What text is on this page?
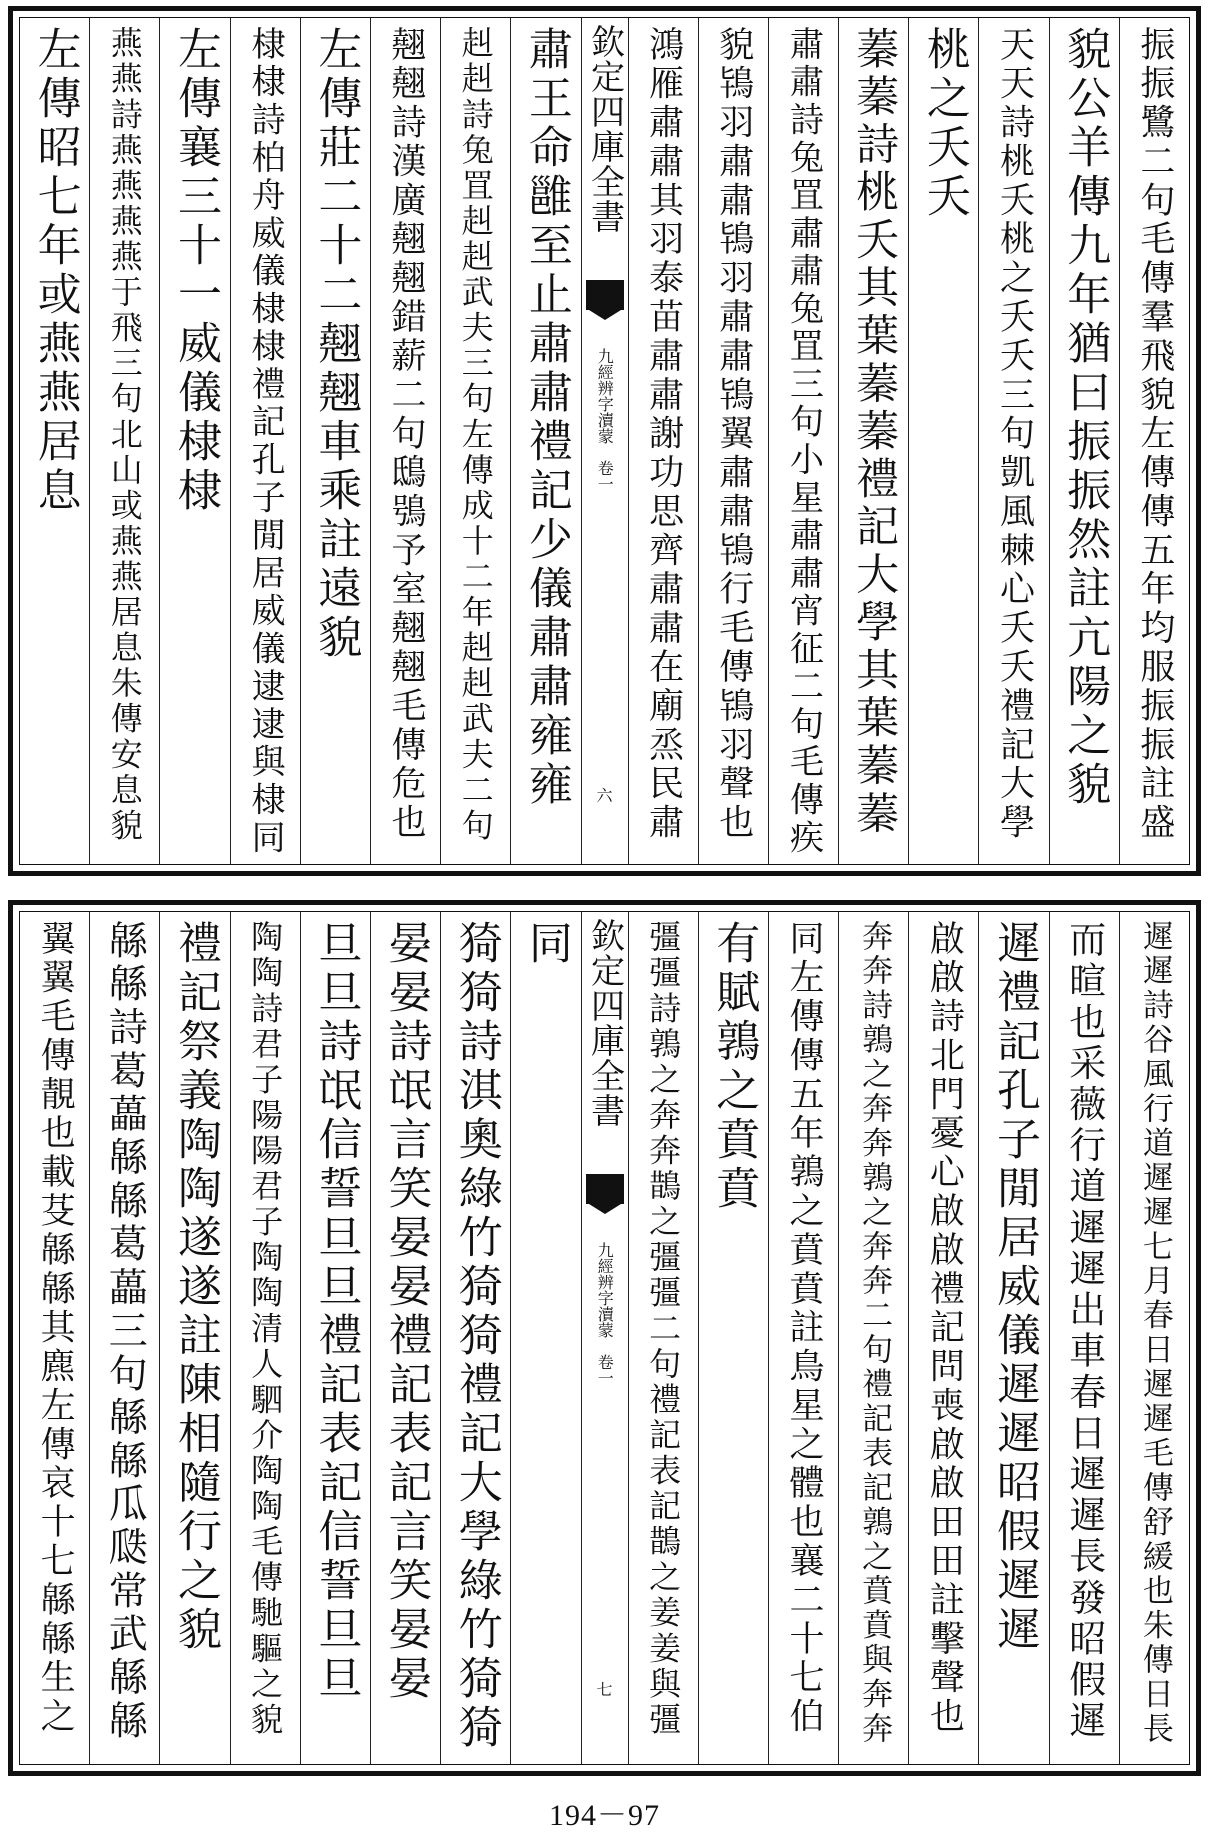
振振鷺二句毛傳羣飛貌左傳傳五年均服振振註盛
貌公羊傳九年猶曰振振然註亢陽之貌
天天詩桃夭桃之夭夭三句凱風棘心夭夭禮記大學
桃之夭夭
蓁蓁詩桃夭其葉蓁蓁禮記大學其葉蓁蓁
肅肅詩兔罝肅肅兔罝三句小星肅肅宵征二句毛傳疾
貌鴇羽肅肅鴇羽肅肅鴇翼肅肅鴇行毛傳鴇羽聲也
鴻雁肅肅其羽泰苗肅肅謝功思齊肅肅在廟烝民肅
欽定四庫全書
九經辨字瀆蒙　卷一
六
肅王命雝至止肅肅禮記少儀肅肅雍雍
赳赳詩兔罝赳赳武夫三句左傳成十二年赳赳武夫二句
翹翹詩漢廣翹翹錯薪二句鴟鴞予室翹翹毛傳危也
左傳莊二十二翹翹車乘註遠貌
棣棣詩柏舟威儀棣棣禮記孔子閒居威儀逮逮與棣同
左傳襄三十一威儀棣棣
燕燕詩燕燕燕燕于飛三句北山或燕燕居息朱傳安息貌
左傳昭七年或燕燕居息
遲遲詩谷風行道遲遲七月春日遲遲毛傳舒緩也朱傳日長
而暄也采薇行道遲遲出車春日遲遲長發昭假遲
遲禮記孔子閒居威儀遲遲昭假遲遲
啟啟詩北門憂心啟啟禮記問喪啟啟田田註擊聲也
奔奔詩鶉之奔奔鶉之奔奔二句禮記表記鶉之賁賁與奔奔
同左傳傳五年鶉之賁賁註鳥星之體也襄二十七伯
有賦鶉之賁賁
彊彊詩鶉之奔奔鵲之彊彊二句禮記表記鵲之姜姜與彊
欽定四庫全書
九經辨字瀆蒙　卷一
七
同
猗猗詩淇奧綠竹猗猗禮記大學綠竹猗猗
晏晏詩氓言笑晏晏禮記表記言笑晏晏
旦旦詩氓信誓旦旦禮記表記信誓旦旦
陶陶詩君子陽陽君子陶陶清人駟介陶陶毛傳馳驅之貌
禮記祭義陶陶遂遂註陳相隨行之貌
緜緜詩葛藟緜緜葛藟三句緜緜瓜瓞常武緜緜
翼翼毛傳靚也載芟緜緜其麃左傳哀十七緜緜生之
194－97
